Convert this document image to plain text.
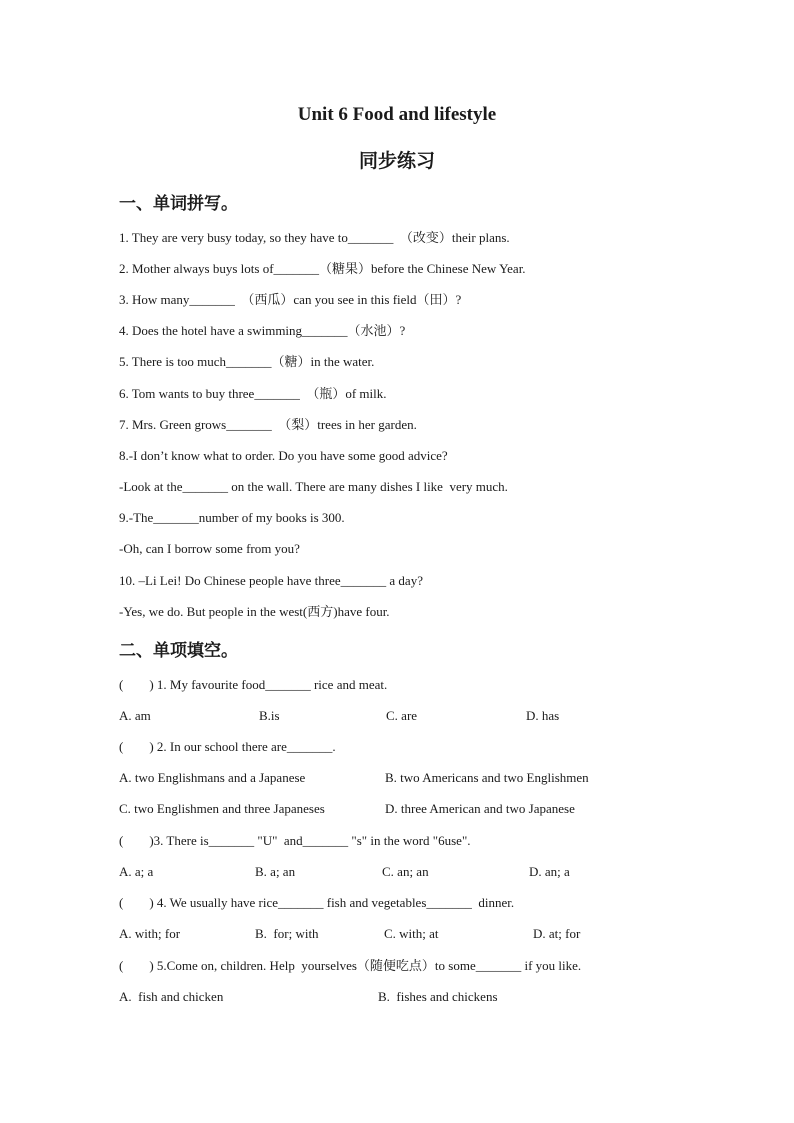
Unit 6 Food and lifestyle
同步练习
一、单词拼写。
1. They are very busy today, so they have to_______  （改变）their plans.
2. Mother always buys lots of_______（糖果）before the Chinese New Year.
3. How many_______  （西瓜）can you see in this field（田）?
4. Does the hotel have a swimming_______（水池）?
5. There is too much_______（糖）in the water.
6. Tom wants to buy three_______  （瓶）of milk.
7. Mrs. Green grows_______  （梨）trees in her garden.
8.-I don’t know what to order. Do you have some good advice?
-Look at the_______ on the wall. There are many dishes I like  very much.
9.-The_______number of my books is 300.
-Oh, can I borrow some from you?
10. –Li Lei! Do Chinese people have three_______ a day?
-Yes, we do. But people in the west(西方)have four.
二、单项填空。
(        ) 1. My favourite food_______ rice and meat.
A. am	B.is	C. are	D. has
(        ) 2. In our school there are_______.
A. two Englishmans and a Japanese	B. two Americans and two Englishmen
C. two Englishmen and three Japaneses	D. three American and two Japanese
(        )3. There is_______ "U"  and_______ "s" in the word "6use".
A. a; a	B. a; an	C. an; an	D. an; a
(        ) 4. We usually have rice_______ fish and vegetables_______  dinner.
A. with; for	B.  for; with	C. with; at	D. at; for
(        ) 5.Come on, children. Help  yourselves（随便吃点）to some_______ if you like.
A.  fish and chicken	B.  fishes and chickens
